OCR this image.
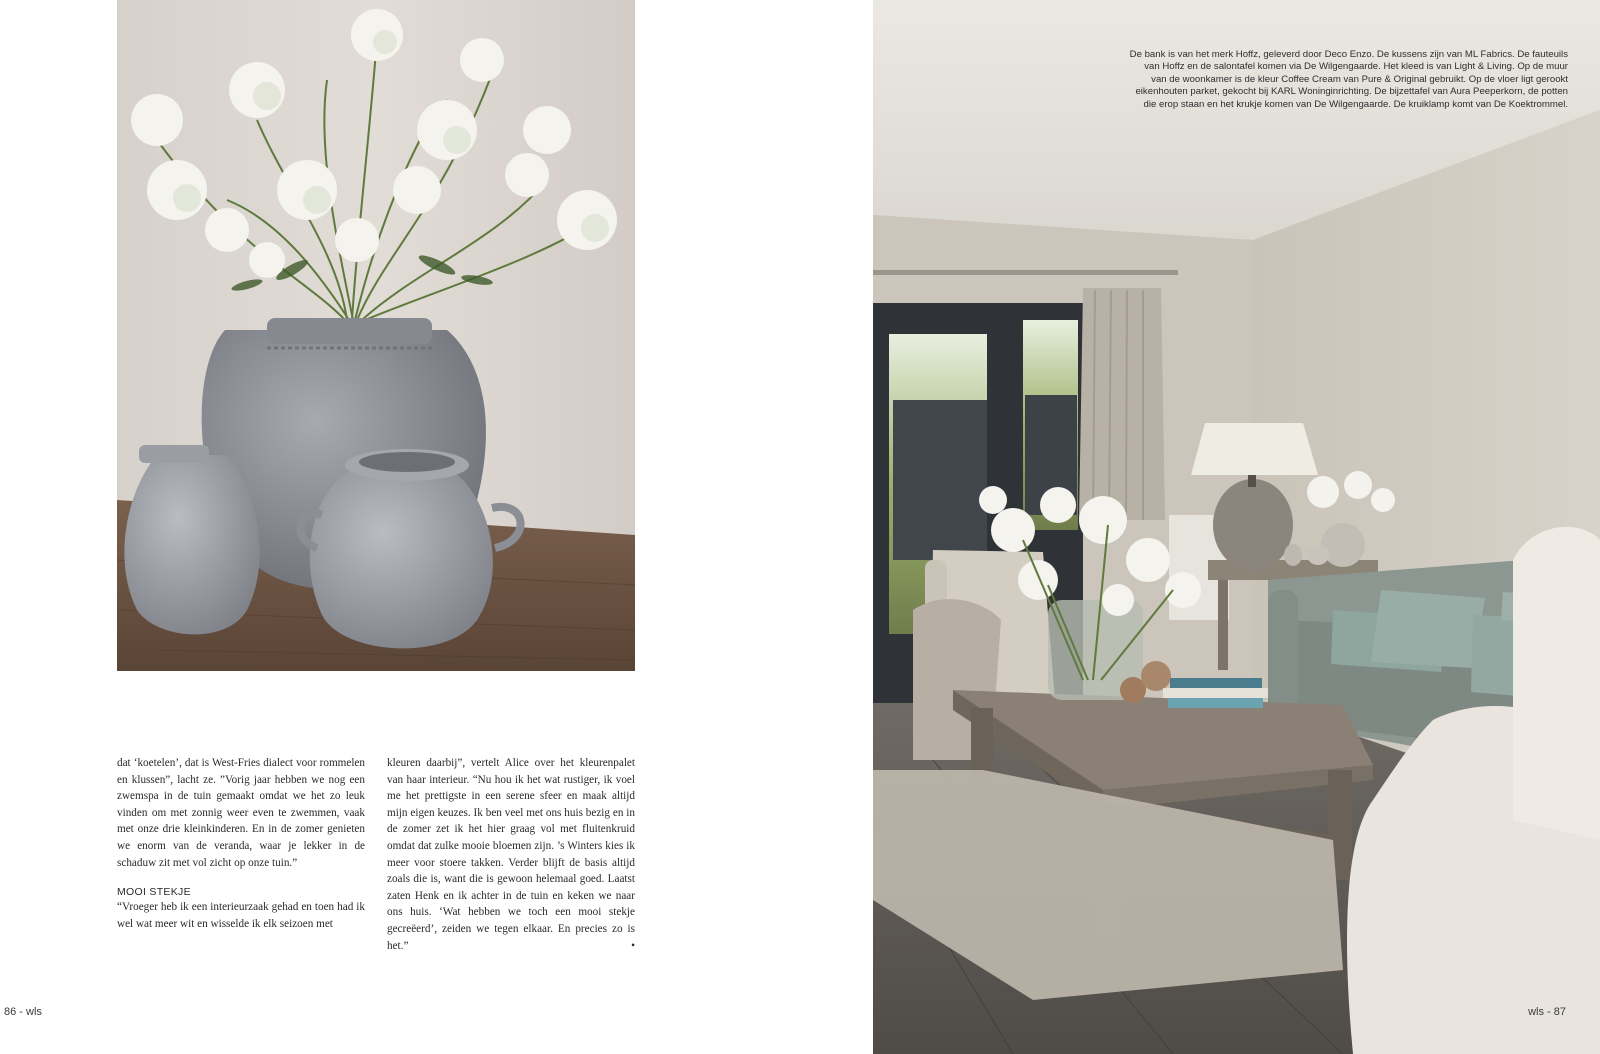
dat ‘koetelen’, dat is West-Fries dialect voor rommelen en klussen”, lacht ze. ”Vorig jaar hebben we nog een zwemspa in de tuin gemaakt omdat we het zo leuk vinden om met zonnig weer even te zwemmen, vaak met onze drie kleinkinderen. En in de zomer genieten we enorm van de veranda, waar je lekker in de schaduw zit met vol zicht op onze tuin.”

MOOI STEKJE

“Vroeger heb ik een interieurzaak gehad en toen had ik wel wat meer wit en wisselde ik elk seizoen met

kleuren daarbij”, vertelt Alice over het kleurenpalet van haar interieur. “Nu hou ik het wat rustiger, ik voel me het prettigste in een serene sfeer en maak altijd mijn eigen keuzes. Ik ben veel met ons huis bezig en in de zomer zet ik het hier graag vol met fluitenkruid omdat dat zulke mooie bloemen zijn. ’s Winters kies ik meer voor stoere takken. Verder blijft de basis altijd zoals die is, want die is gewoon helemaal goed. Laatst zaten Henk en ik achter in de tuin en keken we naar ons huis. ‘Wat hebben we toch een mooi stekje gecreëerd’, zeiden we tegen elkaar. En precies zo is het.”	•

86 - wls
De bank is van het merk Hoffz, geleverd door Deco Enzo. De kussens zijn van ML Fabrics. De fauteuils van Hoffz en de salontafel komen via De Wilgengaarde. Het kleed is van Light & Living. Op de muur van de woonkamer is de kleur Coffee Cream van Pure & Original gebruikt. Op de vloer ligt gerookt eikenhouten parket, gekocht bij KARL Woninginrichting. De bijzettafel van Aura Peeperkorn, de potten die erop staan en het krukje komen van De Wilgengaarde. De kruiklamp komt van De Koektrommel.
wls - 87
